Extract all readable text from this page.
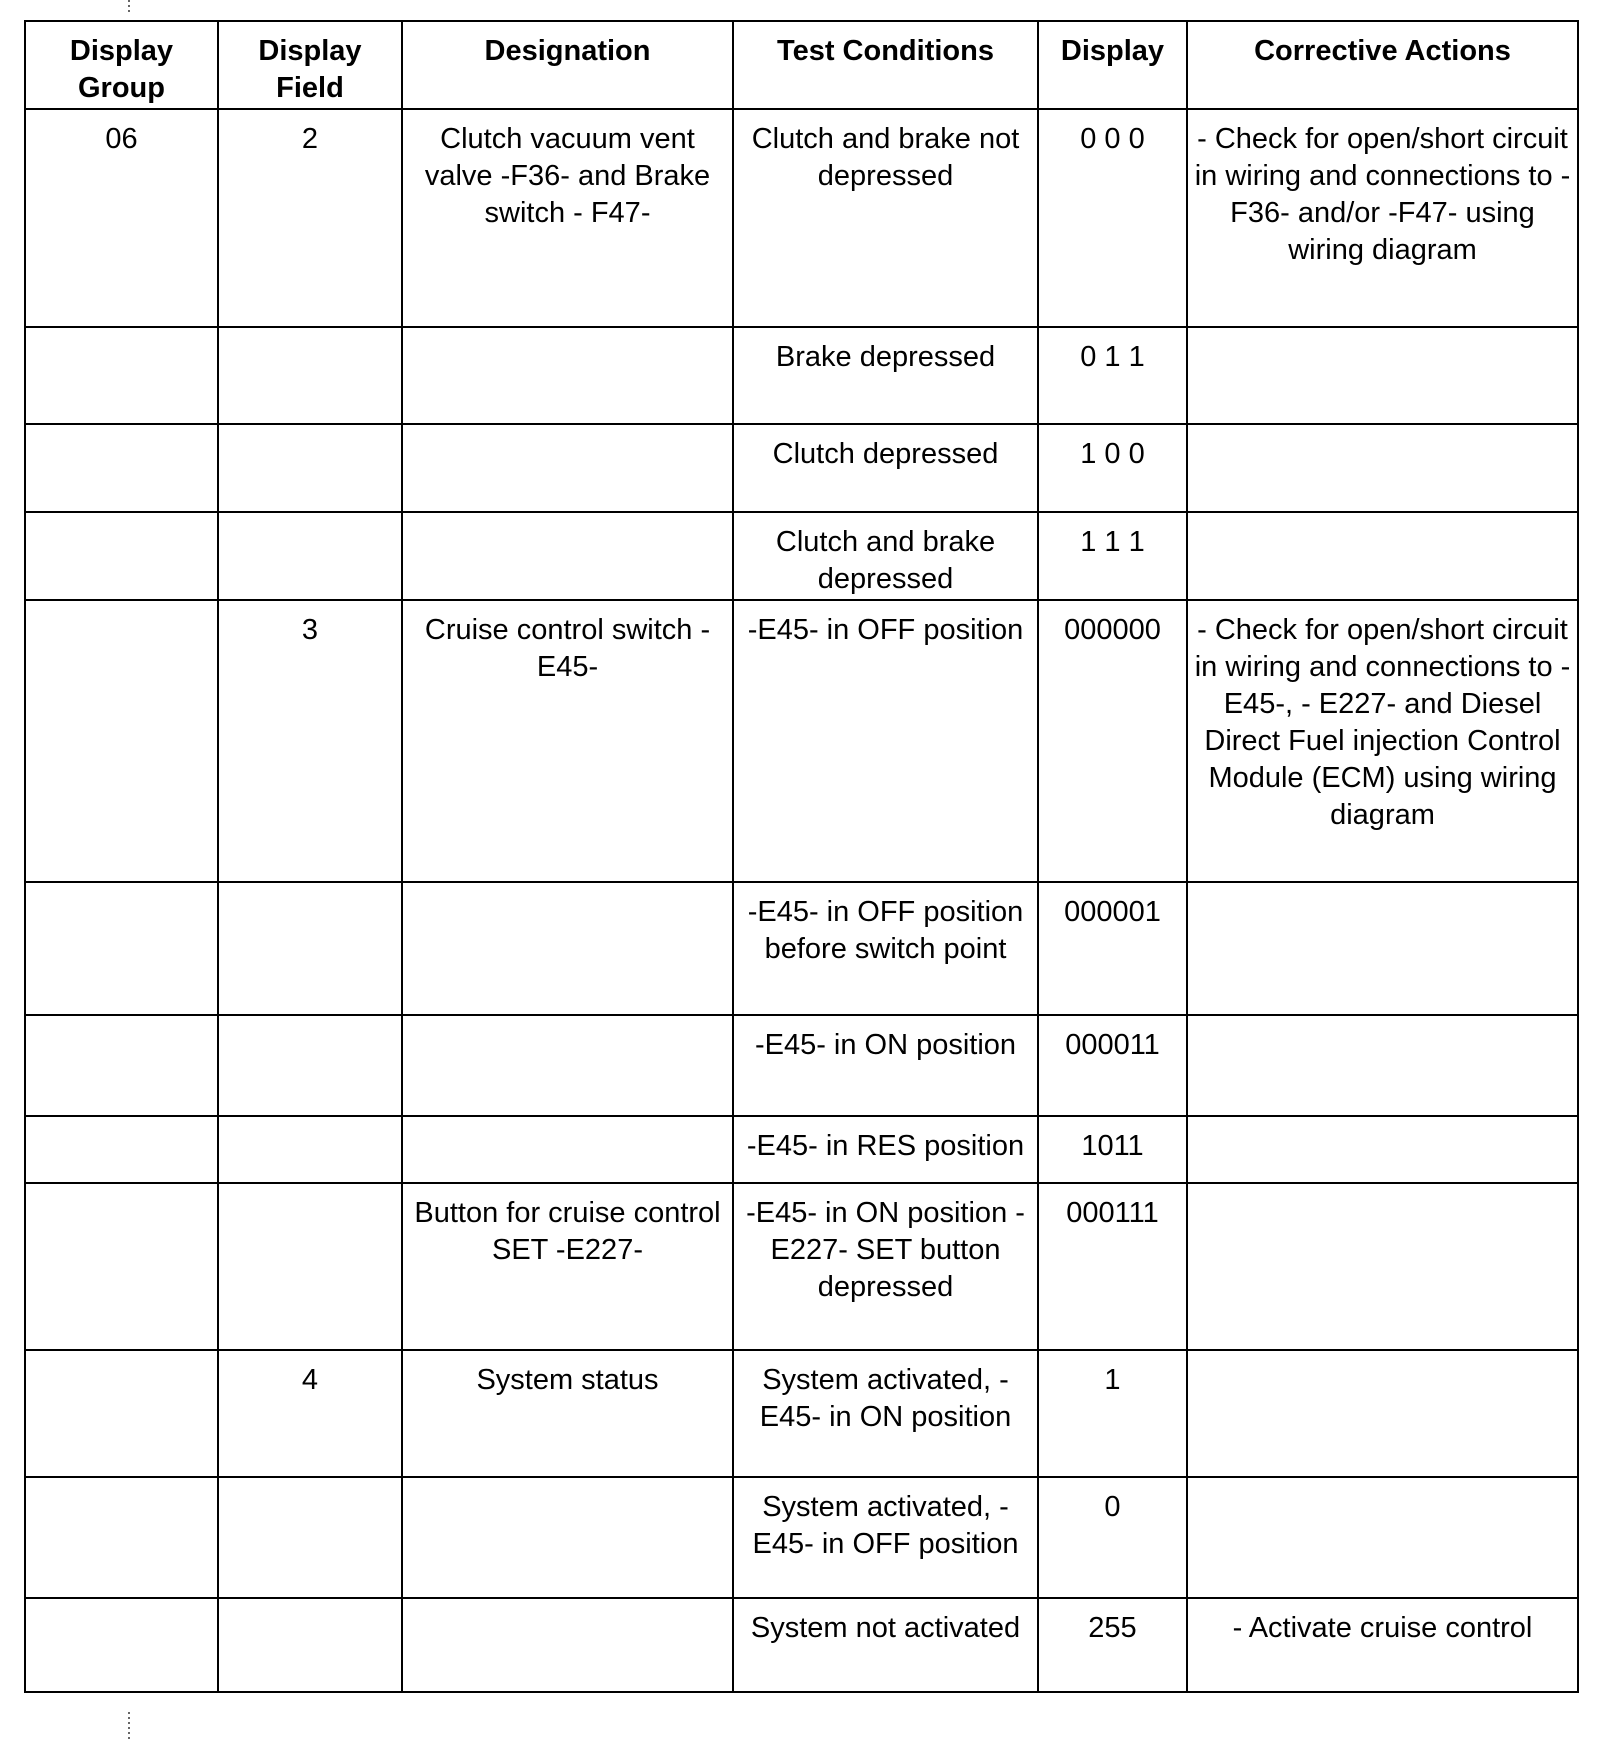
Display Group	Display Field	Designation	Test Conditions	Display	Corrective Actions
06	2	Clutch vacuum vent valve -F36- and Brake switch - F47-	Clutch and brake not depressed	0 0 0	- Check for open/short circuit in wiring and connections to - F36- and/or -F47- using wiring diagram
			Brake depressed	0 1 1	
			Clutch depressed	1 0 0	
			Clutch and brake depressed	1 1 1	
	3	Cruise control switch - E45-	-E45- in OFF position	000000	- Check for open/short circuit in wiring and connections to - E45-, - E227- and Diesel Direct Fuel injection Control Module (ECM) using wiring diagram
			-E45- in OFF position before switch point	000001	
			-E45- in ON position	000011	
			-E45- in RES position	1011	
		Button for cruise control SET -E227-	-E45- in ON position -E227- SET button depressed	000111	
	4	System status	System activated, - E45- in ON position	1	
			System activated, - E45- in OFF position	0	
			System not activated	255	- Activate cruise control
